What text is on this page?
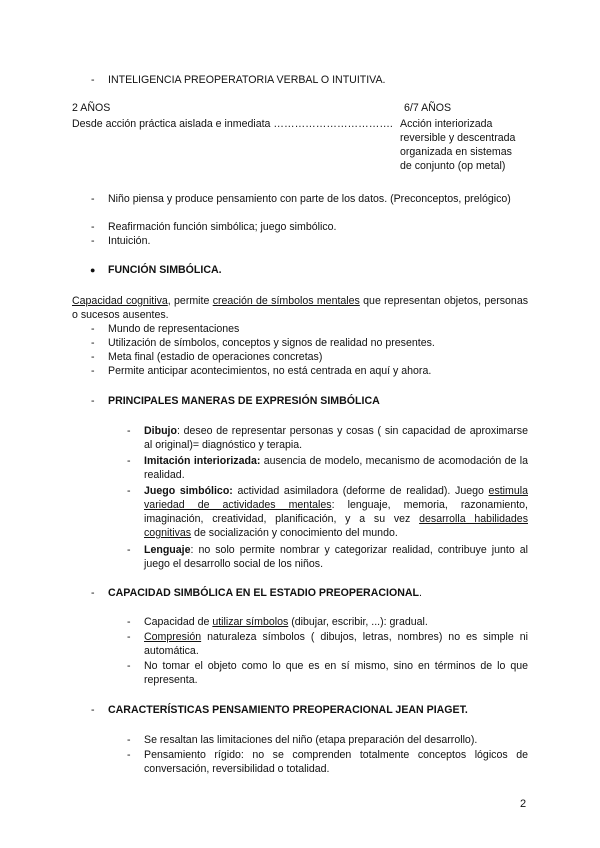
- INTELIGENCIA PREOPERATORIA VERBAL O INTUITIVA.
2 AÑOS	6/7 AÑOS
Desde acción práctica aislada e inmediata ……………………………. Acción interiorizada
reversible y descentrada
organizada en sistemas
de conjunto (op metal)
- Niño piensa y produce pensamiento con parte de los datos. (Preconceptos, prelógico)
- Reafirmación función simbólica; juego simbólico.
- Intuición.
● FUNCIÓN SIMBÓLICA.
Capacidad cognitiva, permite creación de símbolos mentales que representan objetos, personas o sucesos ausentes.
- Mundo de representaciones
- Utilización de símbolos, conceptos y signos de realidad no presentes.
- Meta final (estadio de operaciones concretas)
- Permite anticipar acontecimientos, no está centrada en aquí y ahora.
- PRINCIPALES MANERAS DE EXPRESIÓN SIMBÓLICA
- Dibujo: deseo de representar personas y cosas ( sin capacidad de aproximarse al original)= diagnóstico y terapia.
- Imitación interiorizada: ausencia de modelo, mecanismo de acomodación de la realidad.
- Juego simbólico: actividad asimiladora (deforme de realidad). Juego estimula variedad de actividades mentales: lenguaje, memoria, razonamiento, imaginación, creatividad, planificación, y a su vez desarrolla habilidades cognitivas de socialización y conocimiento del mundo.
- Lenguaje: no solo permite nombrar y categorizar realidad, contribuye junto al juego el desarrollo social de los niños.
- CAPACIDAD SIMBÓLICA EN EL ESTADIO PREOPERACIONAL.
- Capacidad de utilizar símbolos (dibujar, escribir, ...): gradual.
- Compresión naturaleza símbolos ( dibujos, letras, nombres) no es simple ni automática.
- No tomar el objeto como lo que es en sí mismo, sino en términos de lo que representa.
- CARACTERÍSTICAS PENSAMIENTO PREOPERACIONAL JEAN PIAGET.
- Se resaltan las limitaciones del niño (etapa preparación del desarrollo).
- Pensamiento rígido: no se comprenden totalmente conceptos lógicos de conversación, reversibilidad o totalidad.
2
